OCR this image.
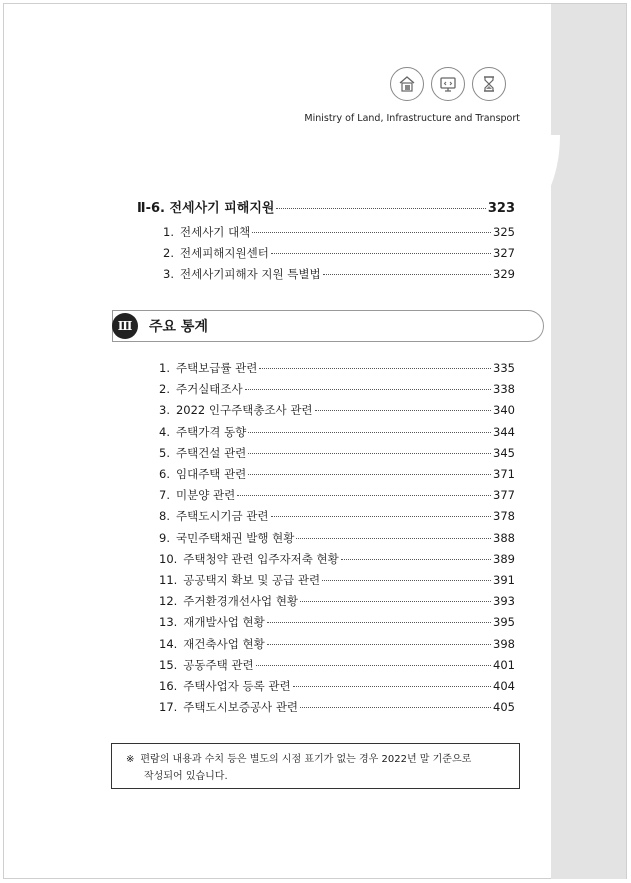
Ministry of Land, Infrastructure and Transport
Ⅱ-6. 전세사기 피해지원	323
1. 전세사기 대책	325
2. 전세피해지원센터	327
3. 전세사기피해자 지원 특별법	329
Ⅲ	주요 통계
1. 주택보급률 관련	335
2. 주거실태조사	338
3. 2022 인구주택총조사 관련	340
4. 주택가격 동향	344
5. 주택건설 관련	345
6. 임대주택 관련	371
7. 미분양 관련	377
8. 주택도시기금 관련	378
9. 국민주택채권 발행 현황	388
10. 주택청약 관련 입주자저축 현황	389
11. 공공택지 확보 및 공급 관련	391
12. 주거환경개선사업 현황	393
13. 재개발사업 현황	395
14. 재건축사업 현황	398
15. 공동주택 관련	401
16. 주택사업자 등록 관련	404
17. 주택도시보증공사 관련	405
※ 편람의 내용과 수치 등은 별도의 시점 표기가 없는 경우 2022년 말 기준으로
작성되어 있습니다.
